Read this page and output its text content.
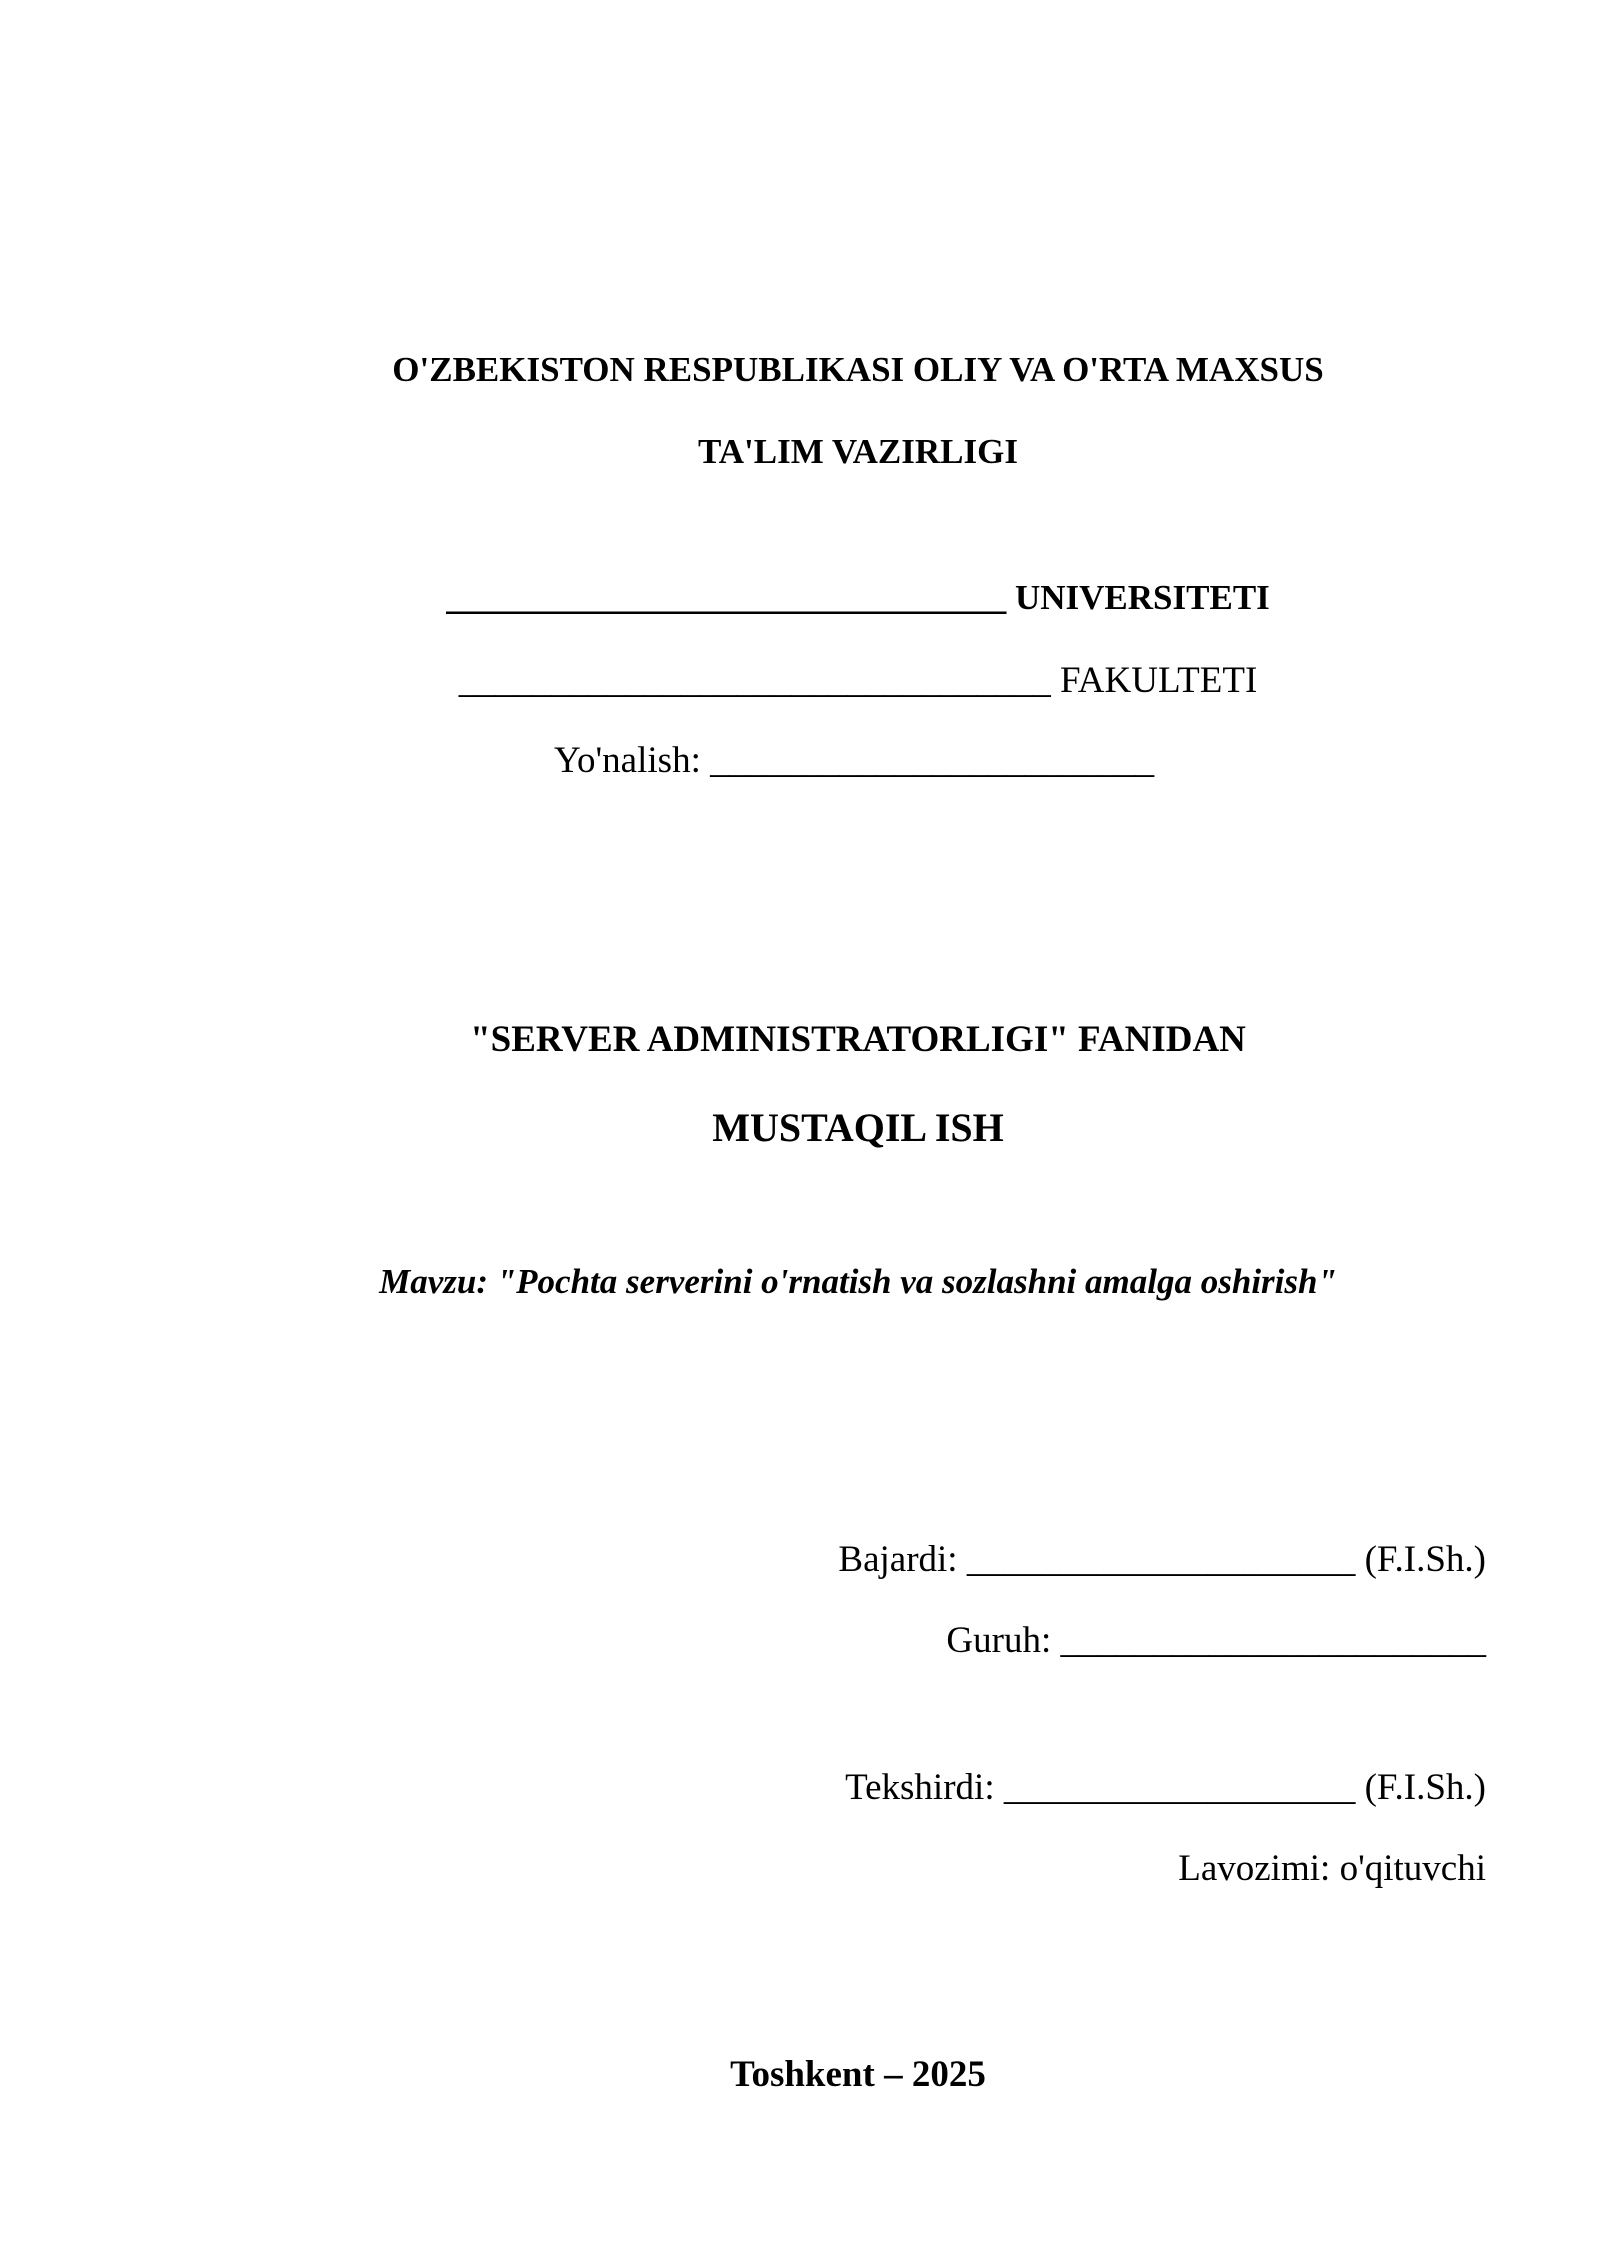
O'ZBEKISTON RESPUBLIKASI OLIY VA O'RTA MAXSUS
TA'LIM VAZIRLIGI
________________________________ UNIVERSITETI
________________________________ FAKULTETI
Yo'nalish: ________________________
"SERVER ADMINISTRATORLIGI" FANIDAN
MUSTAQIL ISH
Mavzu: "Pochta serverini o'rnatish va sozlashni amalga oshirish"
Bajardi: _____________________ (F.I.Sh.)
Guruh: _______________________
Tekshirdi: ___________________ (F.I.Sh.)
Lavozimi: o'qituvchi
Toshkent – 2025
